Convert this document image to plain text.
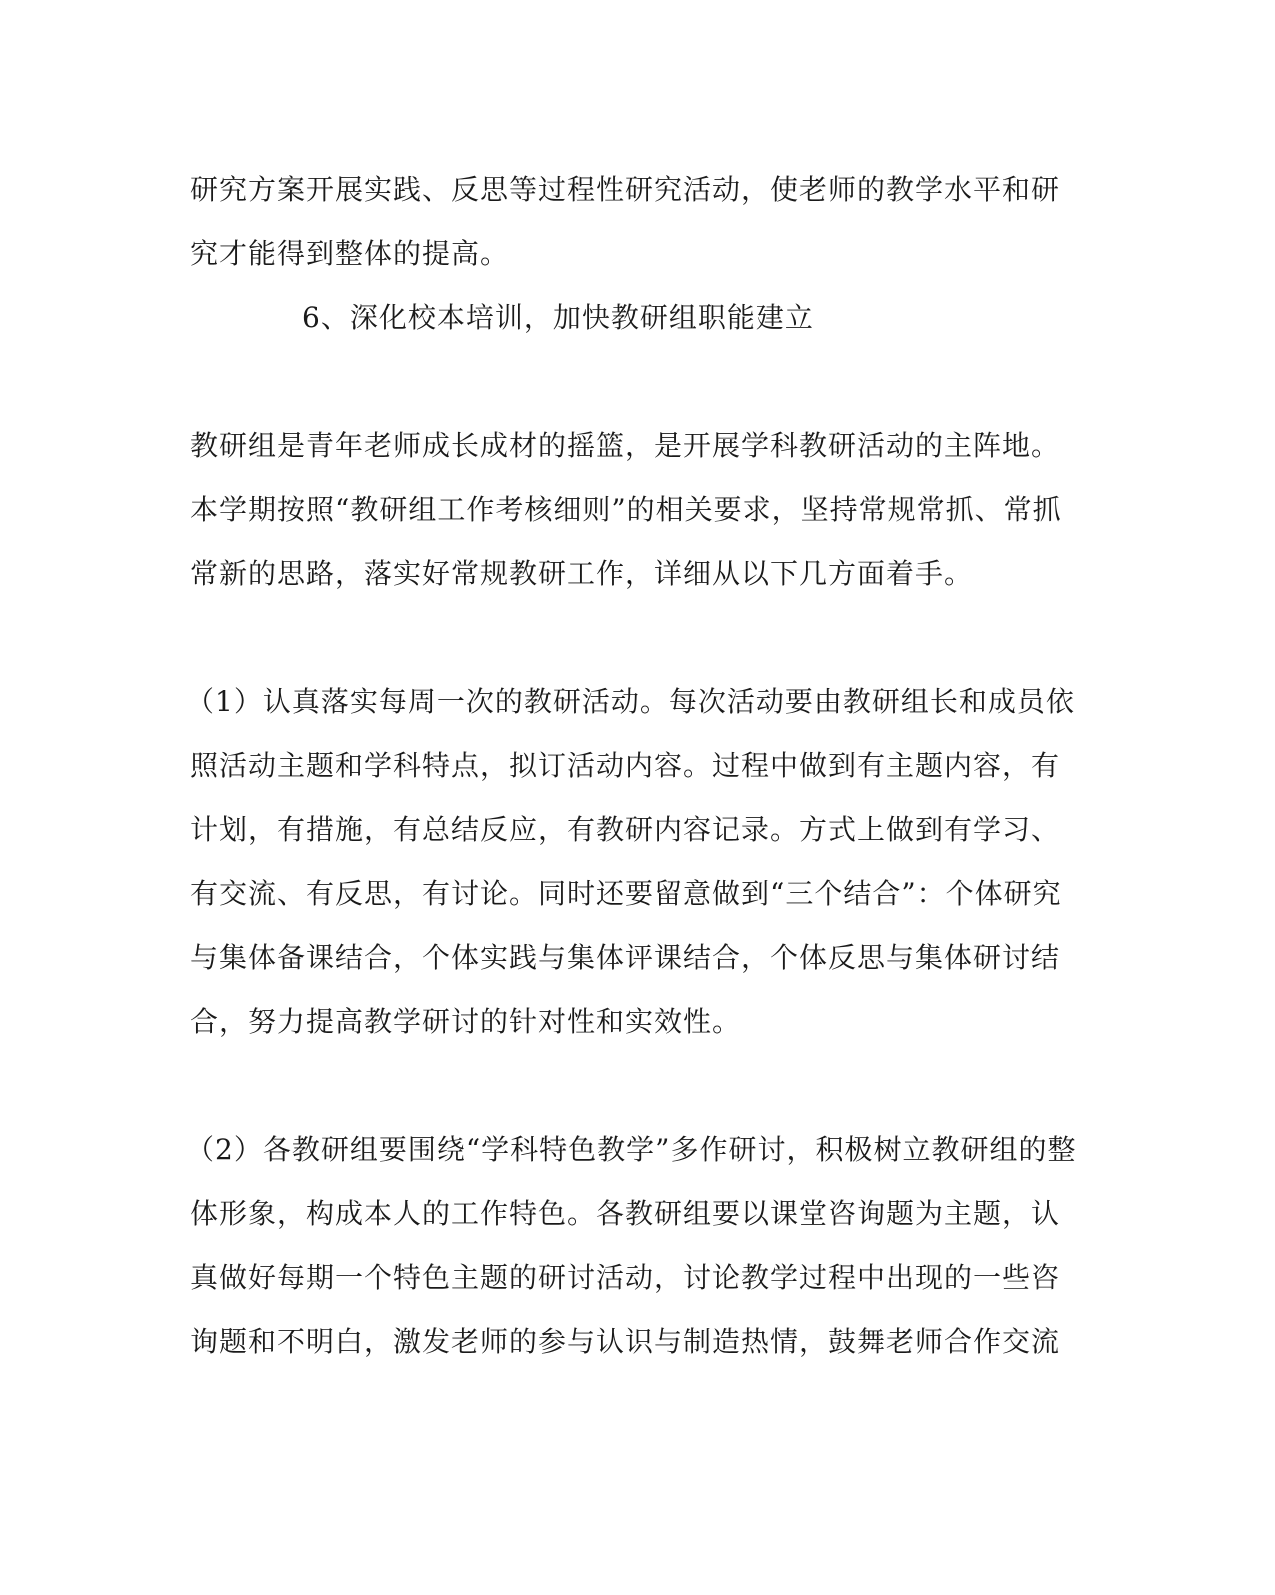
研究方案开展实践、反思等过程性研究活动，使老师的教学水平和研
究才能得到整体的提高。
6、深化校本培训，加快教研组职能建立
教研组是青年老师成长成材的摇篮，是开展学科教研活动的主阵地。
本学期按照“教研组工作考核细则”的相关要求，坚持常规常抓、常抓
常新的思路，落实好常规教研工作，详细从以下几方面着手。
（1）认真落实每周一次的教研活动。每次活动要由教研组长和成员依
照活动主题和学科特点，拟订活动内容。过程中做到有主题内容，有
计划，有措施，有总结反应，有教研内容记录。方式上做到有学习、
有交流、有反思，有讨论。同时还要留意做到“三个结合”：个体研究
与集体备课结合，个体实践与集体评课结合，个体反思与集体研讨结
合，努力提高教学研讨的针对性和实效性。
（2）各教研组要围绕“学科特色教学”多作研讨，积极树立教研组的整
体形象，构成本人的工作特色。各教研组要以课堂咨询题为主题，认
真做好每期一个特色主题的研讨活动，讨论教学过程中出现的一些咨
询题和不明白，激发老师的参与认识与制造热情，鼓舞老师合作交流
